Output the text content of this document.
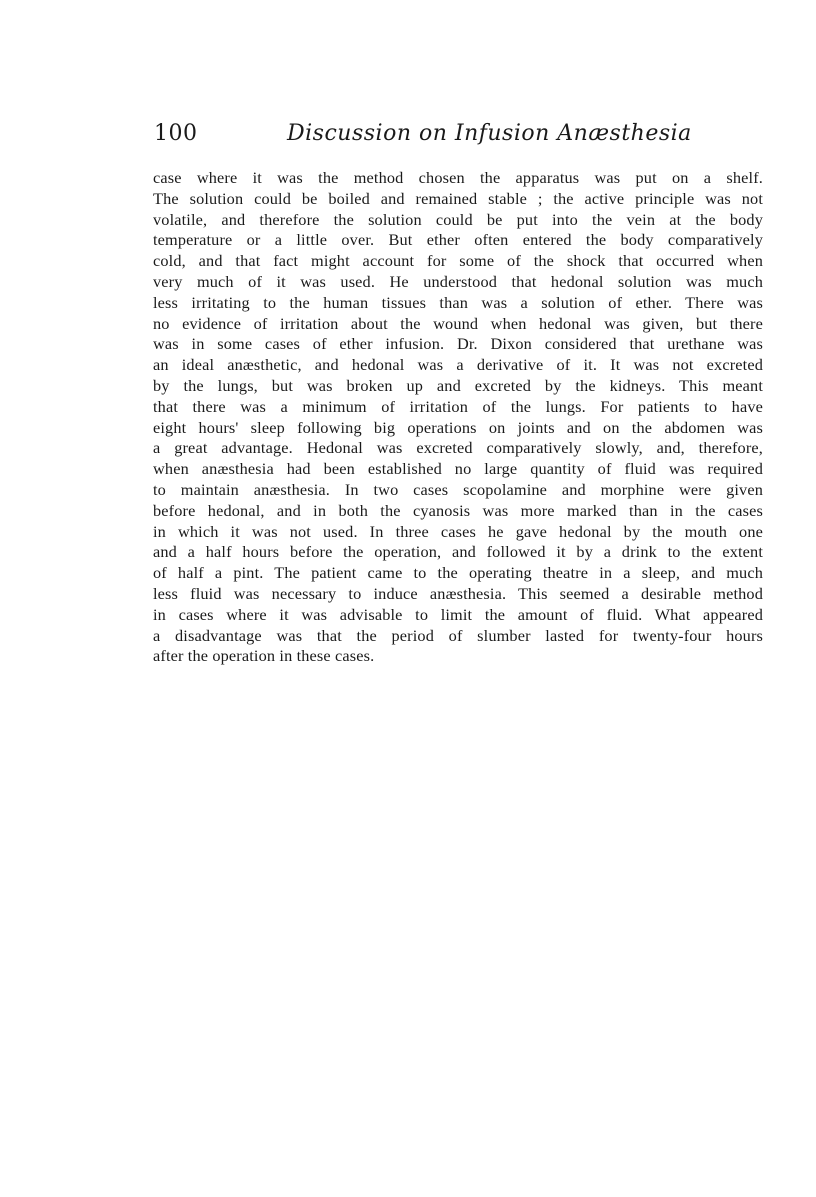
100	Discussion on Infusion Anæsthesia
case where it was the method chosen the apparatus was put on a shelf.
The solution could be boiled and remained stable ; the active principle was not
volatile, and therefore the solution could be put into the vein at the body
temperature or a little over. But ether often entered the body comparatively
cold, and that fact might account for some of the shock that occurred when
very much of it was used. He understood that hedonal solution was much
less irritating to the human tissues than was a solution of ether. There was
no evidence of irritation about the wound when hedonal was given, but there
was in some cases of ether infusion. Dr. Dixon considered that urethane was
an ideal anæsthetic, and hedonal was a derivative of it. It was not excreted
by the lungs, but was broken up and excreted by the kidneys. This meant
that there was a minimum of irritation of the lungs. For patients to have
eight hours' sleep following big operations on joints and on the abdomen was
a great advantage. Hedonal was excreted comparatively slowly, and, therefore,
when anæsthesia had been established no large quantity of fluid was required
to maintain anæsthesia. In two cases scopolamine and morphine were given
before hedonal, and in both the cyanosis was more marked than in the cases
in which it was not used. In three cases he gave hedonal by the mouth one
and a half hours before the operation, and followed it by a drink to the extent
of half a pint. The patient came to the operating theatre in a sleep, and much
less fluid was necessary to induce anæsthesia. This seemed a desirable method
in cases where it was advisable to limit the amount of fluid. What appeared
a disadvantage was that the period of slumber lasted for twenty-four hours
after the operation in these cases.
